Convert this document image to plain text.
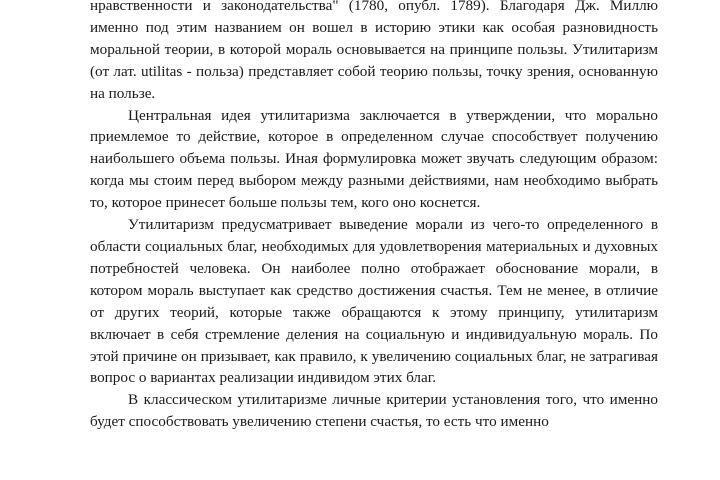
нравственности и законодательства" (1780, опубл. 1789). Благодаря Дж. Миллю именно под этим названием он вошел в историю этики как особая разновидность моральной теории, в которой мораль основывается на принципе пользы. Утилитаризм (от лат. utilitas - польза) представляет собой теорию пользы, точку зрения, основанную на пользе.

Центральная идея утилитаризма заключается в утверждении, что морально приемлемое то действие, которое в определенном случае способствует получению наибольшего объема пользы. Иная формулировка может звучать следующим образом: когда мы стоим перед выбором между разными действиями, нам необходимо выбрать то, которое принесет больше пользы тем, кого оно коснется.

Утилитаризм предусматривает выведение морали из чего-то определенного в области социальных благ, необходимых для удовлетворения материальных и духовных потребностей человека. Он наиболее полно отображает обоснование морали, в котором мораль выступает как средство достижения счастья. Тем не менее, в отличие от других теорий, которые также обращаются к этому принципу, утилитаризм включает в себя стремление деления на социальную и индивидуальную мораль. По этой причине он призывает, как правило, к увеличению социальных благ, не затрагивая вопрос о вариантах реализации индивидом этих благ.

В классическом утилитаризме личные критерии установления того, что именно будет способствовать увеличению степени счастья, то есть что именно
